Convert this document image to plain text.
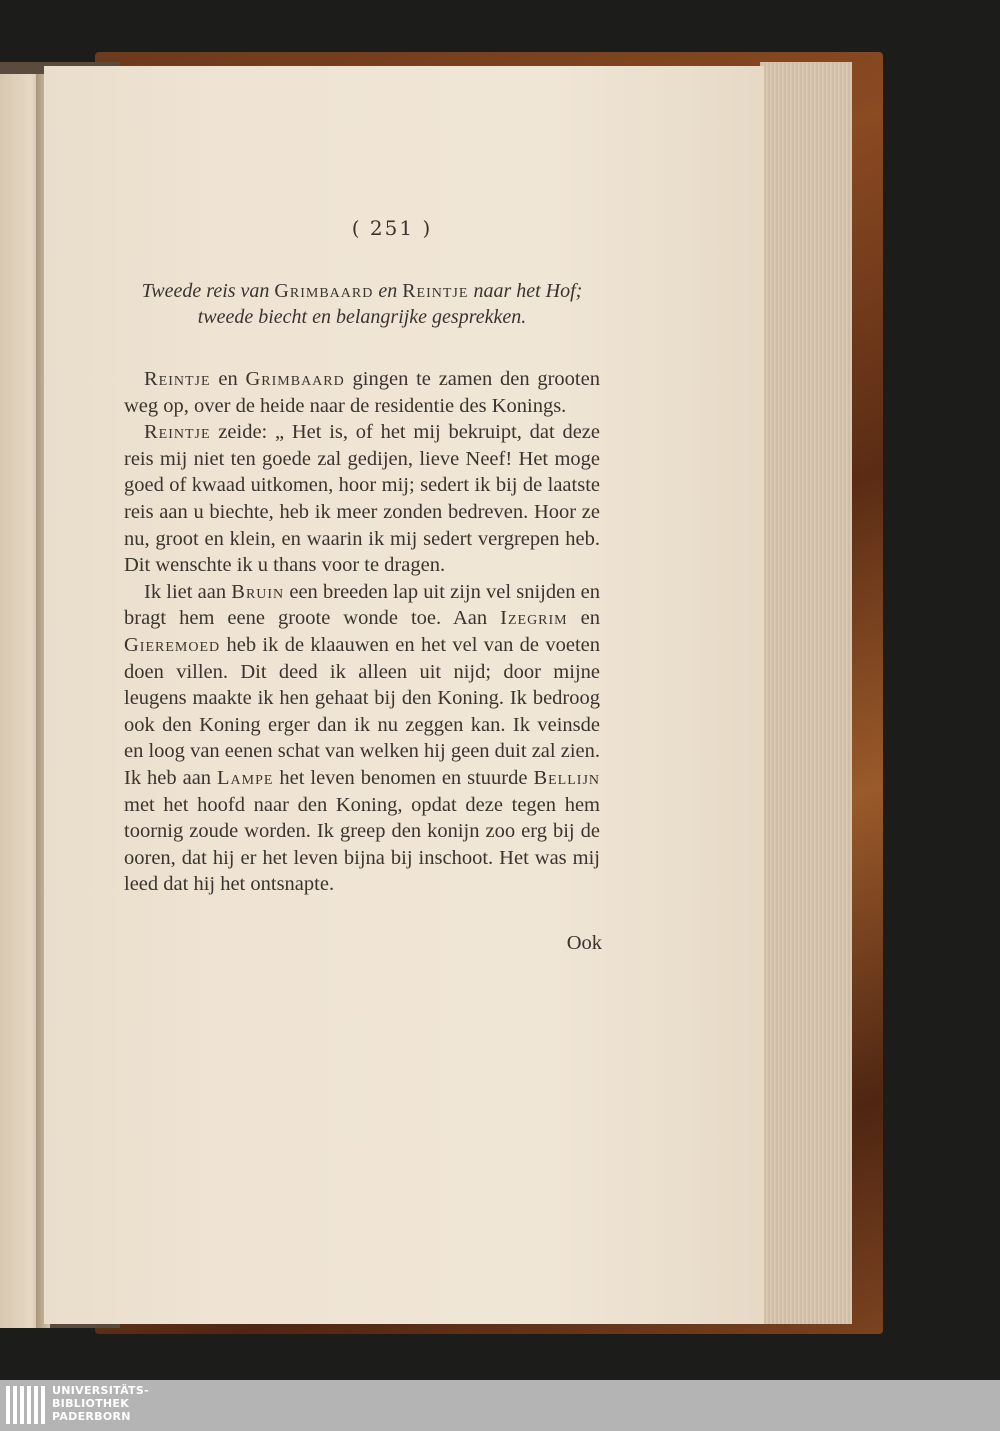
( 251 )
Tweede reis van Grimbaard en Reintje naar het Hof; tweede biecht en belangrijke gesprekken.

Reintje en Grimbaard gingen te zamen den grooten weg op, over de heide naar de residentie des Konings.

Reintje zeide: „ Het is, of het mij bekruipt, dat deze reis mij niet ten goede zal gedijen, lieve Neef! Het moge goed of kwaad uitkomen, hoor mij; sedert ik bij de laatste reis aan u biechte, heb ik meer zonden bedreven. Hoor ze nu, groot en klein, en waarin ik mij sedert vergrepen heb. Dit wenschte ik u thans voor te dragen.

Ik liet aan Bruin een breeden lap uit zijn vel snijden en bragt hem eene groote wonde toe. Aan Izegrim en Gieremoed heb ik de klaauwen en het vel van de voeten doen villen. Dit deed ik alleen uit nijd; door mijne leugens maakte ik hen gehaat bij den Koning. Ik bedroog ook den Koning erger dan ik nu zeggen kan. Ik veinsde en loog van eenen schat van welken hij geen duit zal zien. Ik heb aan Lampe het leven benomen en stuurde Bellijn met het hoofd naar den Koning, opdat deze tegen hem toornig zoude worden. Ik greep den konijn zoo erg bij de ooren, dat hij er het leven bijna bij inschoot. Het was mij leed dat hij het ontsnapte.

Ook
UNIVERSITÄTS-
BIBLIOTHEK
PADERBORN
